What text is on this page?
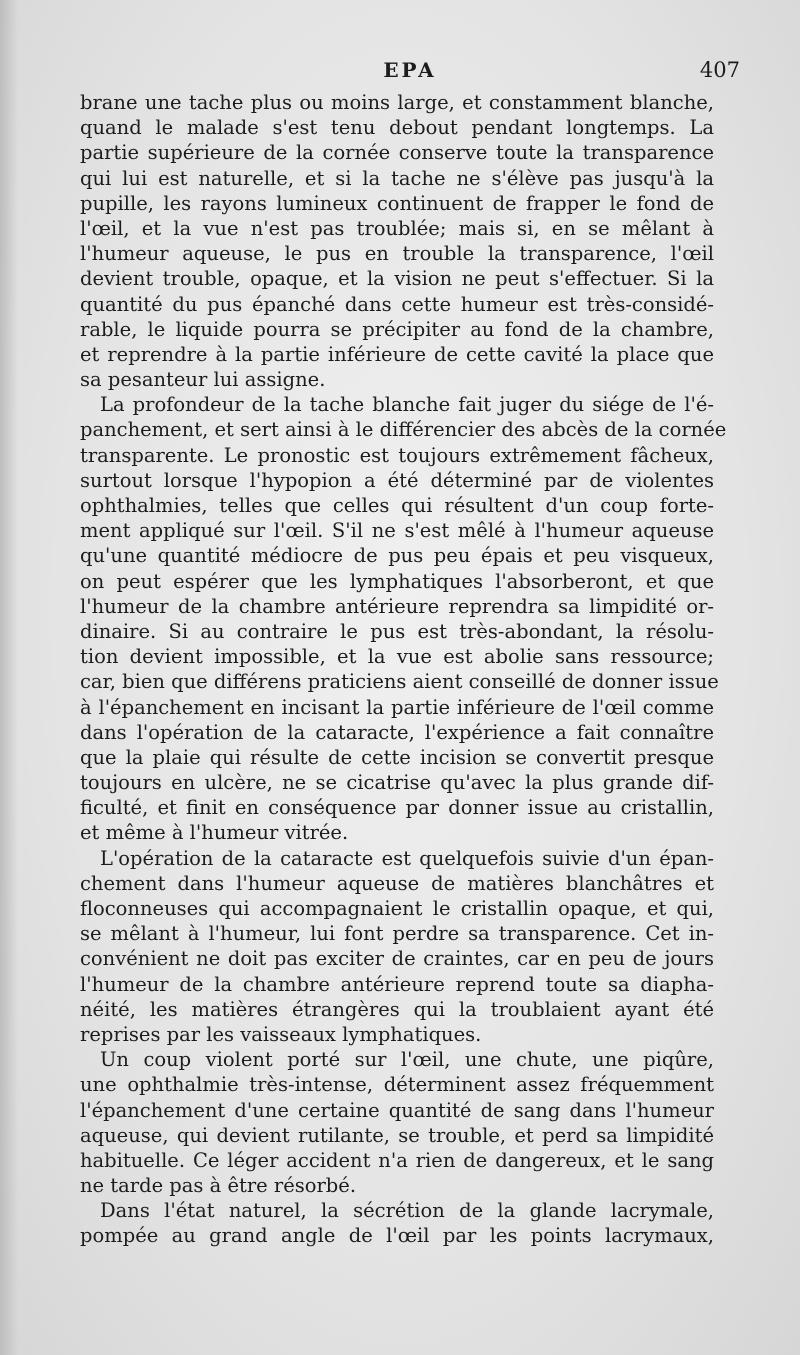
EPA	407
brane une tache plus ou moins large, et constamment blanche,
quand le malade s'est tenu debout pendant longtemps. La
partie supérieure de la cornée conserve toute la transparence
qui lui est naturelle, et si la tache ne s'élève pas jusqu'à la
pupille, les rayons lumineux continuent de frapper le fond de
l'œil, et la vue n'est pas troublée; mais si, en se mêlant à
l'humeur aqueuse, le pus en trouble la transparence, l'œil
devient trouble, opaque, et la vision ne peut s'effectuer. Si la
quantité du pus épanché dans cette humeur est très-considé-
rable, le liquide pourra se précipiter au fond de la chambre,
et reprendre à la partie inférieure de cette cavité la place que
sa pesanteur lui assigne.
La profondeur de la tache blanche fait juger du siége de l'é-
panchement, et sert ainsi à le différencier des abcès de la cornée
transparente. Le pronostic est toujours extrêmement fâcheux,
surtout lorsque l'hypopion a été déterminé par de violentes
ophthalmies, telles que celles qui résultent d'un coup forte-
ment appliqué sur l'œil. S'il ne s'est mêlé à l'humeur aqueuse
qu'une quantité médiocre de pus peu épais et peu visqueux,
on peut espérer que les lymphatiques l'absorberont, et que
l'humeur de la chambre antérieure reprendra sa limpidité or-
dinaire. Si au contraire le pus est très-abondant, la résolu-
tion devient impossible, et la vue est abolie sans ressource;
car, bien que différens praticiens aient conseillé de donner issue
à l'épanchement en incisant la partie inférieure de l'œil comme
dans l'opération de la cataracte, l'expérience a fait connaître
que la plaie qui résulte de cette incision se convertit presque
toujours en ulcère, ne se cicatrise qu'avec la plus grande dif-
ficulté, et finit en conséquence par donner issue au cristallin,
et même à l'humeur vitrée.
L'opération de la cataracte est quelquefois suivie d'un épan-
chement dans l'humeur aqueuse de matières blanchâtres et
floconneuses qui accompagnaient le cristallin opaque, et qui,
se mêlant à l'humeur, lui font perdre sa transparence. Cet in-
convénient ne doit pas exciter de craintes, car en peu de jours
l'humeur de la chambre antérieure reprend toute sa diapha-
néité, les matières étrangères qui la troublaient ayant été
reprises par les vaisseaux lymphatiques.
Un coup violent porté sur l'œil, une chute, une piqûre,
une ophthalmie très-intense, déterminent assez fréquemment
l'épanchement d'une certaine quantité de sang dans l'humeur
aqueuse, qui devient rutilante, se trouble, et perd sa limpidité
habituelle. Ce léger accident n'a rien de dangereux, et le sang
ne tarde pas à être résorbé.
Dans l'état naturel, la sécrétion de la glande lacrymale,
pompée au grand angle de l'œil par les points lacrymaux,
